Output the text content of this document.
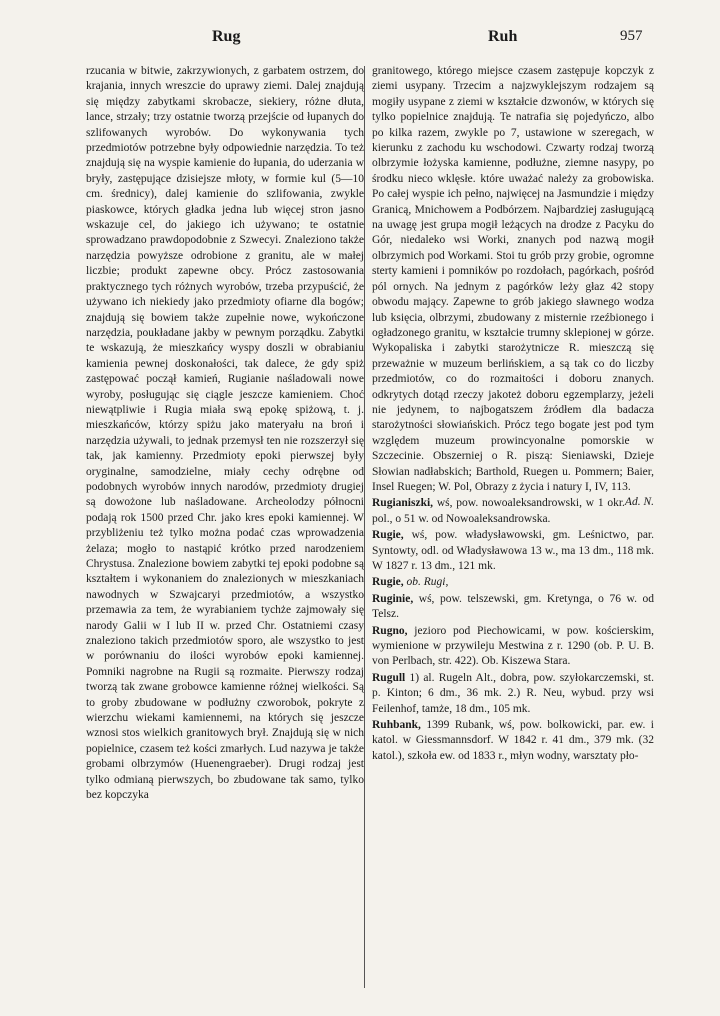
Rug	Ruh	957

rzucania w bitwie, zakrzywionych, z garbatem ostrzem, do krajania, innych wreszcie do uprawy ziemi. Dalej znajdują się między zabytkami skrobacze, siekiery, różne dłuta, lance, strzały; trzy ostatnie tworzą przejście od łupanych do szlifowanych wyrobów. Do wykonywania tych przedmiotów potrzebne były odpowiednie narzędzia. To też znajdują się na wyspie kamienie do łupania, do uderzania w bryły, zastępujące dzisiejsze młoty, w formie kul (5—10 cm. średnicy), dalej kamienie do szlifowania, zwykle piaskowce, których gładka jedna lub więcej stron jasno wskazuje cel, do jakiego ich używano; te ostatnie sprowadzano prawdopodobnie z Szwecyi. Znaleziono także narzędzia powyższe odrobione z granitu, ale w małej liczbie; produkt zapewne obcy. Prócz zastosowania praktycznego tych różnych wyrobów, trzeba przypuścić, że używano ich niekiedy jako przedmioty ofiarne dla bogów; znajdują się bowiem także zupełnie nowe, wykończone narzędzia, poukładane jakby w pewnym porządku. Zabytki te wskazują, że mieszkańcy wyspy doszli w obrabianiu kamienia pewnej doskonałości, tak dalece, że gdy spiż zastępować począł kamień, Rugianie naśladowali nowe wyroby, posługując się ciągle jeszcze kamieniem. Choć niewątpliwie i Rugia miała swą epokę spiżową, t. j. mieszkańców, którzy spiżu jako materyału na broń i narzędzia używali, to jednak przemysł ten nie rozszerzył się tak, jak kamienny. Przedmioty epoki pierwszej były oryginalne, samodzielne, miały cechy odrębne od podobnych wyrobów innych narodów, przedmioty drugiej są dowożone lub naśladowane. Archeolodzy północni podają rok 1500 przed Chr. jako kres epoki kamiennej. W przybliżeniu też tylko można podać czas wprowadzenia żelaza; mogło to nastąpić krótko przed narodzeniem Chrystusa. Znalezione bowiem zabytki tej epoki podobne są kształtem i wykonaniem do znalezionych w mieszkaniach nawodnych w Szwajcaryi przedmiotów, a wszystko przemawia za tem, że wyrabianiem tychże zajmowały się narody Galii w I lub II w. przed Chr. Ostatniemi czasy znaleziono takich przedmiotów sporo, ale wszystko to jest w porównaniu do ilości wyrobów epoki kamiennej. Pomniki nagrobne na Rugii są rozmaite. Pierwszy rodzaj tworzą tak zwane grobowce kamienne różnej wielkości. Są to groby zbudowane w podłużny czworobok, pokryte z wierzchu wiekami kamiennemi, na których się jeszcze wznosi stos wielkich granitowych brył. Znajdują się w nich popielnice, czasem też kości zmarłych. Lud nazywa je także grobami olbrzymów (Huenengraeber). Drugi rodzaj jest tylko odmianą pierwszych, bo zbudowane tak samo, tylko bez kopczyka

granitowego, którego miejsce czasem zastępuje kopczyk z ziemi usypany. Trzecim a najzwyklejszym rodzajem są mogiły usypane z ziemi w kształcie dzwonów, w których się tylko popielnice znajdują. Te natrafia się pojedyńczo, albo po kilka razem, zwykle po 7, ustawione w szeregach, w kierunku z zachodu ku wschodowi. Czwarty rodzaj tworzą olbrzymie łożyska kamienne, podłużne, ziemne nasypy, po środku nieco wklęsłe. które uważać należy za grobowiska. Po całej wyspie ich pełno, najwięcej na Jasmundzie i między Granicą, Mnichowem a Podbórzem. Najbardziej zasługującą na uwagę jest grupa mogił leżących na drodze z Pacyku do Gór, niedaleko wsi Worki, znanych pod nazwą mogił olbrzymich pod Workami. Stoi tu grób przy grobie, ogromne sterty kamieni i pomników po rozdołach, pagórkach, pośród pól ornych. Na jednym z pagórków leży głaz 42 stopy obwodu mający. Zapewne to grób jakiego sławnego wodza lub księcia, olbrzymi, zbudowany z misternie rzeźbionego i ogładzonego granitu, w kształcie trumny sklepionej w górze. Wykopaliska i zabytki starożytnicze R. mieszczą się przeważnie w muzeum berlińskiem, a są tak co do liczby przedmiotów, co do rozmaitości i doboru znanych. odkrytych dotąd rzeczy jakoteż doboru egzemplarzy, jeżeli nie jedynem, to najbogatszem źródłem dla badacza starożytności słowiańskich. Prócz tego bogate jest pod tym względem muzeum prowincyonalne pomorskie w Szczecinie. Obszerniej o R. piszą: Sieniawski, Dzieje Słowian nadłabskich; Barthold, Ruegen u. Pommern; Baier, Insel Ruegen; W. Pol, Obrazy z życia i natury I, IV, 113.
Ad. N.

Rugianiszki, wś, pow. nowoaleksandrowski, w 1 okr. pol., o 51 w. od Nowoaleksandrowska.

Rugie, wś, pow. władysławowski, gm. Leśnictwo, par. Syntowty, odl. od Władysławowa 13 w., ma 13 dm., 118 mk. W 1827 r. 13 dm., 121 mk.

Rugie, ob. Rugi,

Ruginie, wś, pow. telszewski, gm. Kretynga, o 76 w. od Telsz.

Rugno, jezioro pod Piechowicami, w pow. kościerskim, wymienione w przywileju Mestwina z r. 1290 (ob. P. U. B. von Perlbach, str. 422). Ob. Kiszewa Stara.

Rugull 1) al. Rugeln Alt., dobra, pow. szyłokarczemski, st. p. Kinton; 6 dm., 36 mk. 2.) R. Neu, wybud. przy wsi Feilenhof, tamże, 18 dm., 105 mk.

Ruhbank, 1399 Rubank, wś, pow. bolkowicki, par. ew. i katol. w Giessmannsdorf. W 1842 r. 41 dm., 379 mk. (32 katol.), szkoła ew. od 1833 r., młyn wodny, warsztaty pło-
